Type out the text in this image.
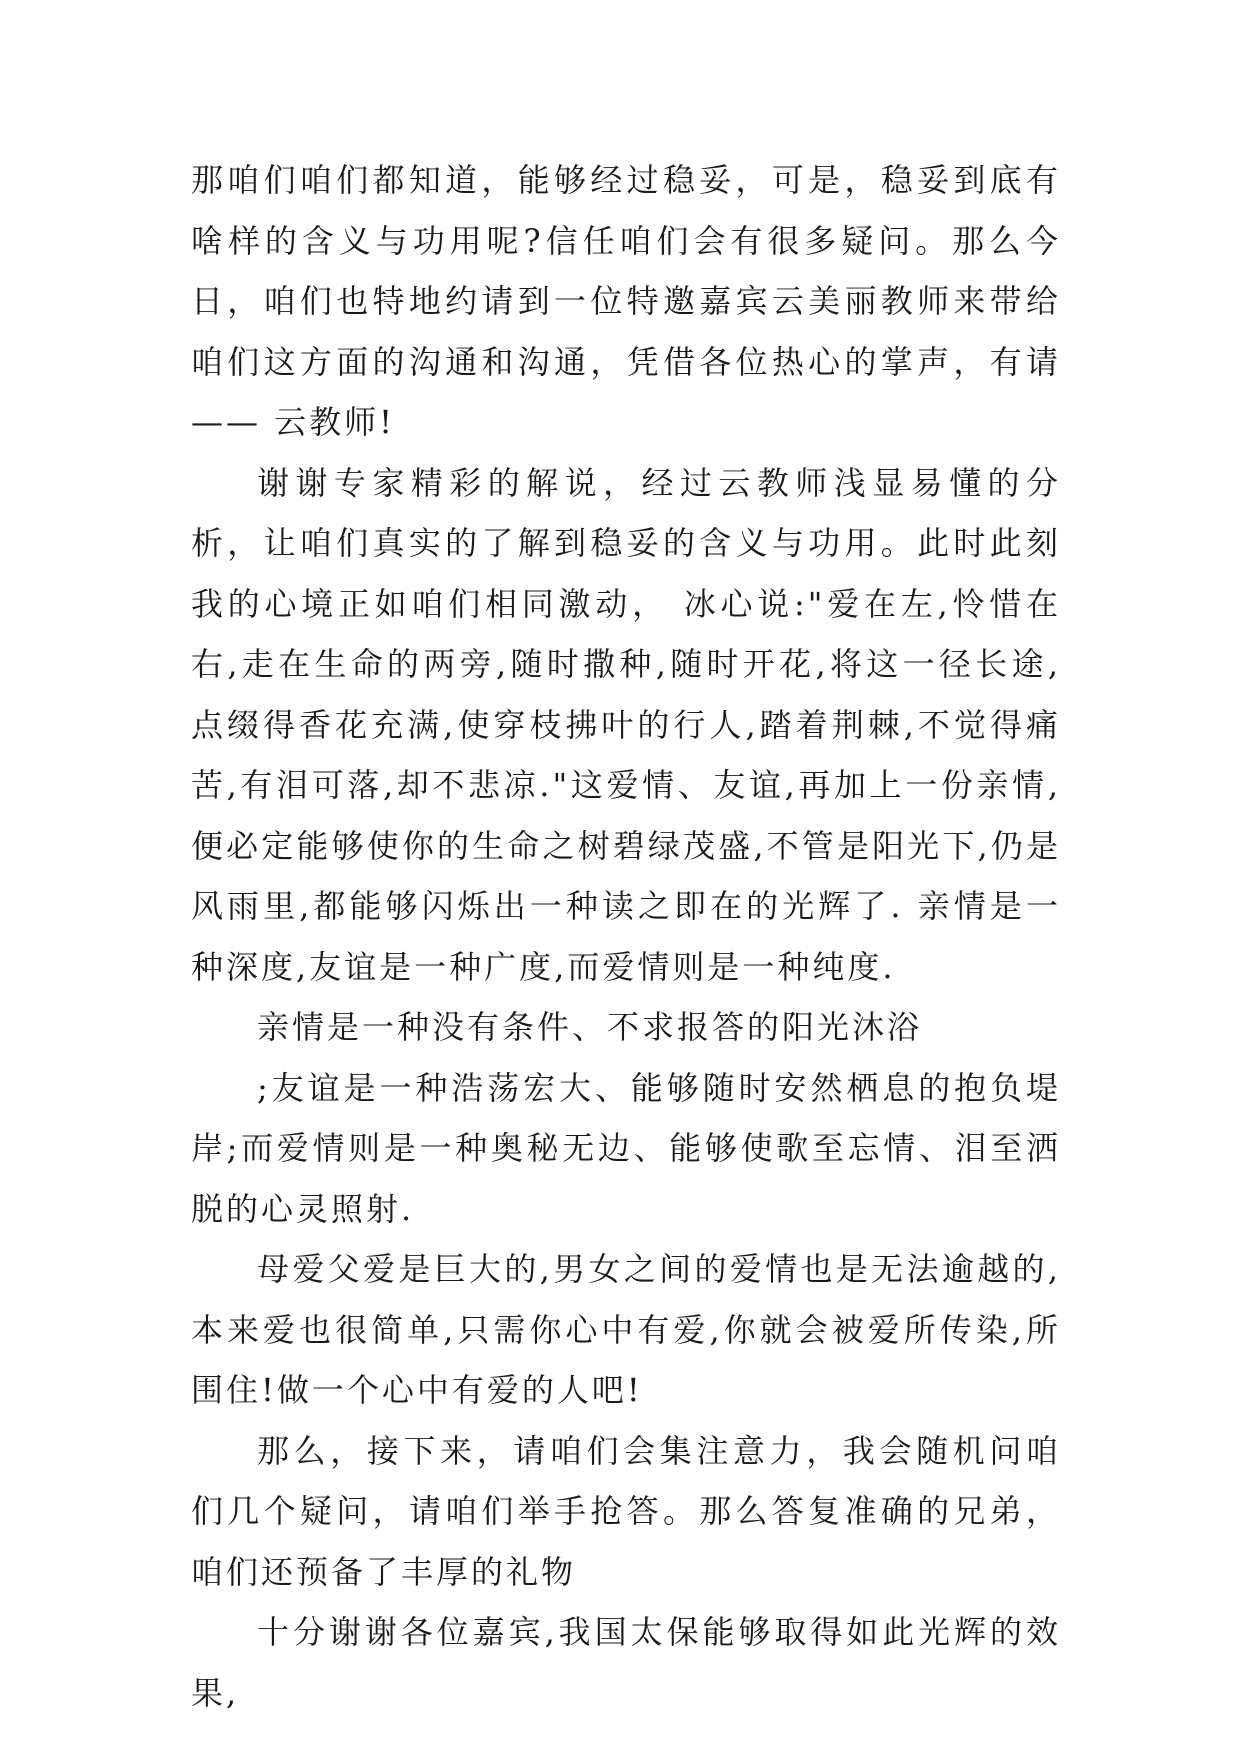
那咱们咱们都知道，能够经过稳妥，可是，稳妥到底有啥样的含义与功用呢?信任咱们会有很多疑问。那么今日，咱们也特地约请到一位特邀嘉宾云美丽教师来带给咱们这方面的沟通和沟通，凭借各位热心的掌声，有请—— 云教师!

谢谢专家精彩的解说，经过云教师浅显易懂的分析，让咱们真实的了解到稳妥的含义与功用。此时此刻我的心境正如咱们相同激动， 冰心说:"爱在左,怜惜在右,走在生命的两旁,随时撒种,随时开花,将这一径长途,点缀得香花充满,使穿枝拂叶的行人,踏着荆棘,不觉得痛苦,有泪可落,却不悲凉."这爱情、友谊,再加上一份亲情,便必定能够使你的生命之树碧绿茂盛,不管是阳光下,仍是风雨里,都能够闪烁出一种读之即在的光辉了. 亲情是一种深度,友谊是一种广度,而爱情则是一种纯度.

亲情是一种没有条件、不求报答的阳光沐浴

;友谊是一种浩荡宏大、能够随时安然栖息的抱负堤岸;而爱情则是一种奥秘无边、能够使歌至忘情、泪至洒脱的心灵照射.

母爱父爱是巨大的,男女之间的爱情也是无法逾越的,本来爱也很简单,只需你心中有爱,你就会被爱所传染,所围住!做一个心中有爱的人吧!

那么，接下来，请咱们会集注意力，我会随机问咱们几个疑问，请咱们举手抢答。那么答复准确的兄弟，咱们还预备了丰厚的礼物

十分谢谢各位嘉宾,我国太保能够取得如此光辉的效果,
